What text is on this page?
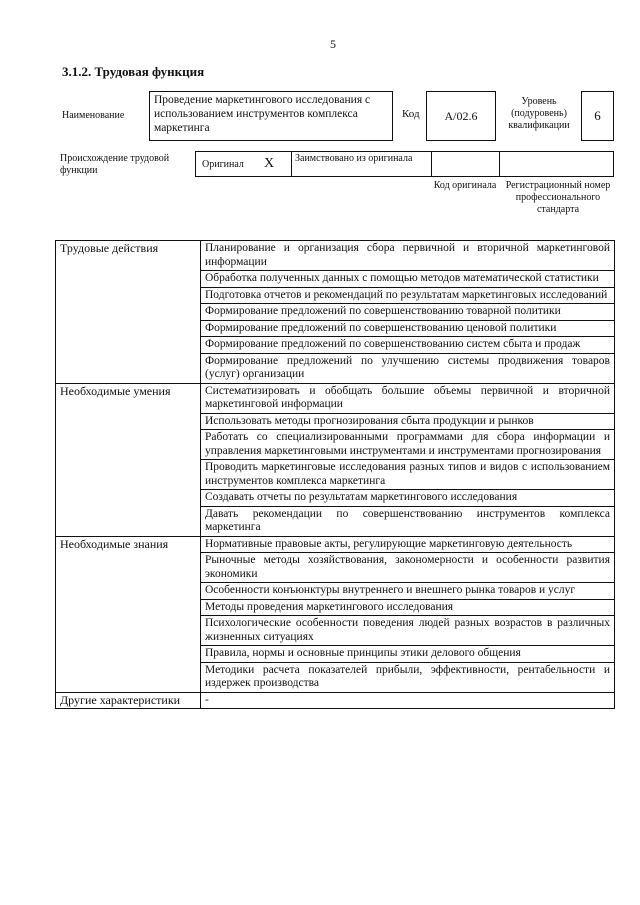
5
3.1.2. Трудовая функция
Наименование
Проведение маркетингового исследования с использованием инструментов комплекса маркетинга
Код A/02.6
Уровень (подуровень) квалификации
6
Происхождение трудовой функции
Оригинал X Заимствовано из оригинала
Код оригинала Регистрационный номер профессионального стандарта
Трудовые действия	Планирование и организация сбора первичной и вторичной маркетинговой информации
	Обработка полученных данных с помощью методов математической статистики
	Подготовка отчетов и рекомендаций по результатам маркетинговых исследований
	Формирование предложений по совершенствованию товарной политики
	Формирование предложений по совершенствованию ценовой политики
	Формирование предложений по совершенствованию систем сбыта и продаж
	Формирование предложений по улучшению системы продвижения товаров (услуг) организации
Необходимые умения	Систематизировать и обобщать большие объемы первичной и вторичной маркетинговой информации
	Использовать методы прогнозирования сбыта продукции и рынков
	Работать со специализированными программами для сбора информации и управления маркетинговыми инструментами и инструментами прогнозирования
	Проводить маркетинговые исследования разных типов и видов с использованием инструментов комплекса маркетинга
	Создавать отчеты по результатам маркетингового исследования
	Давать рекомендации по совершенствованию инструментов комплекса маркетинга
Необходимые знания	Нормативные правовые акты, регулирующие маркетинговую деятельность
	Рыночные методы хозяйствования, закономерности и особенности развития экономики
	Особенности конъюнктуры внутреннего и внешнего рынка товаров и услуг
	Методы проведения маркетингового исследования
	Психологические особенности поведения людей разных возрастов в различных жизненных ситуациях
	Правила, нормы и основные принципы этики делового общения
	Методики расчета показателей прибыли, эффективности, рентабельности и издержек производства
Другие характеристики	-
